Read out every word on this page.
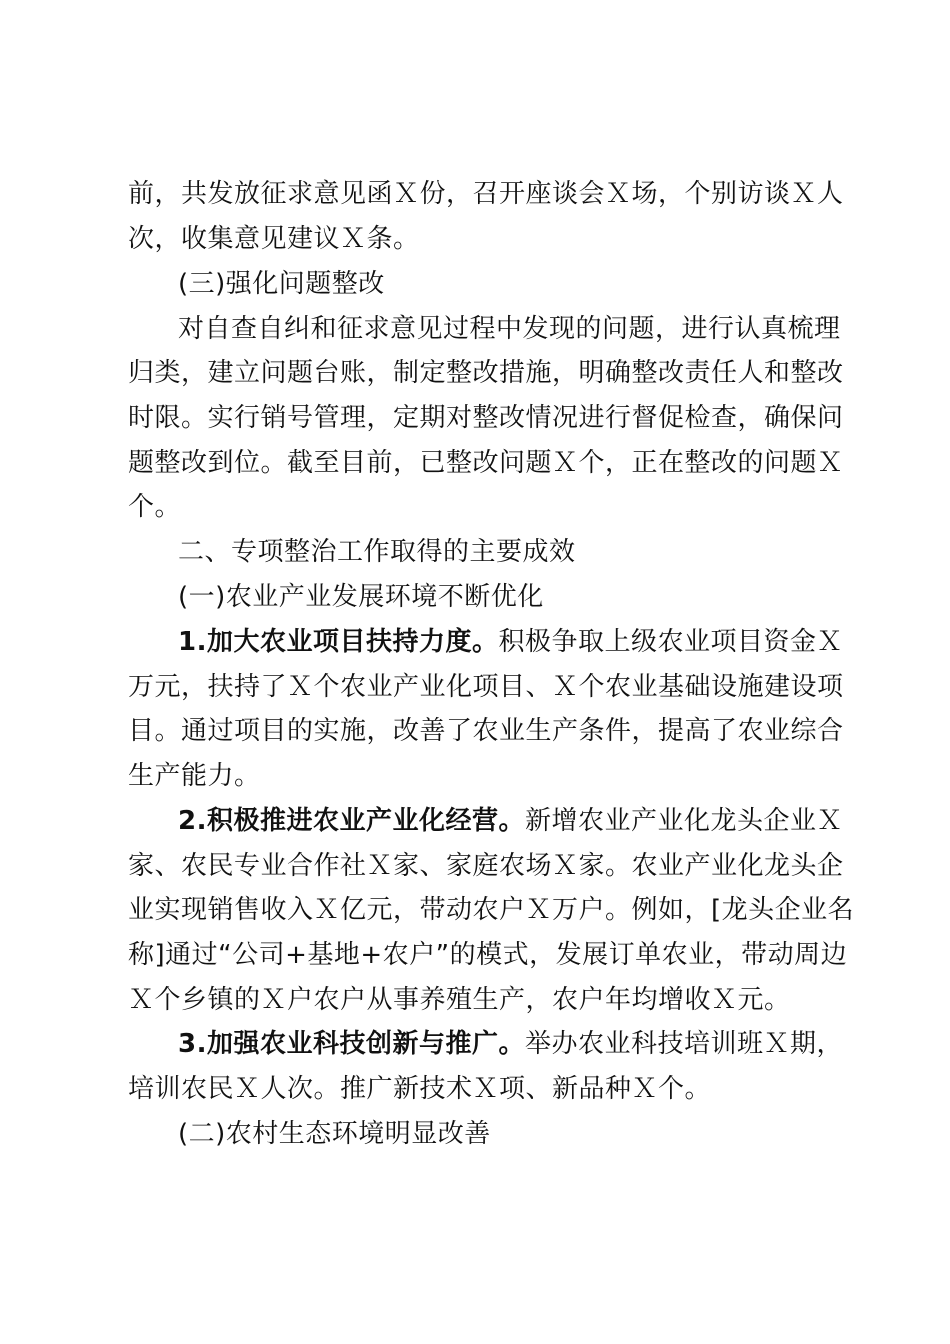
前，共发放征求意见函Ｘ份，召开座谈会Ｘ场，个别访谈Ｘ人
次，收集意见建议Ｘ条。
(三)强化问题整改
对自查自纠和征求意见过程中发现的问题，进行认真梳理
归类，建立问题台账，制定整改措施，明确整改责任人和整改
时限。实行销号管理，定期对整改情况进行督促检查，确保问
题整改到位。截至目前，已整改问题Ｘ个，正在整改的问题Ｘ
个。
二、专项整治工作取得的主要成效
(一)农业产业发展环境不断优化
1.加大农业项目扶持力度。积极争取上级农业项目资金Ｘ
万元，扶持了Ｘ个农业产业化项目、Ｘ个农业基础设施建设项
目。通过项目的实施，改善了农业生产条件，提高了农业综合
生产能力。
2.积极推进农业产业化经营。新增农业产业化龙头企业Ｘ
家、农民专业合作社Ｘ家、家庭农场Ｘ家。农业产业化龙头企
业实现销售收入Ｘ亿元，带动农户Ｘ万户。例如，[龙头企业名
称]通过“公司+基地+农户”的模式，发展订单农业，带动周边
Ｘ个乡镇的Ｘ户农户从事养殖生产，农户年均增收Ｘ元。
3.加强农业科技创新与推广。举办农业科技培训班Ｘ期，
培训农民Ｘ人次。推广新技术Ｘ项、新品种Ｘ个。
(二)农村生态环境明显改善
